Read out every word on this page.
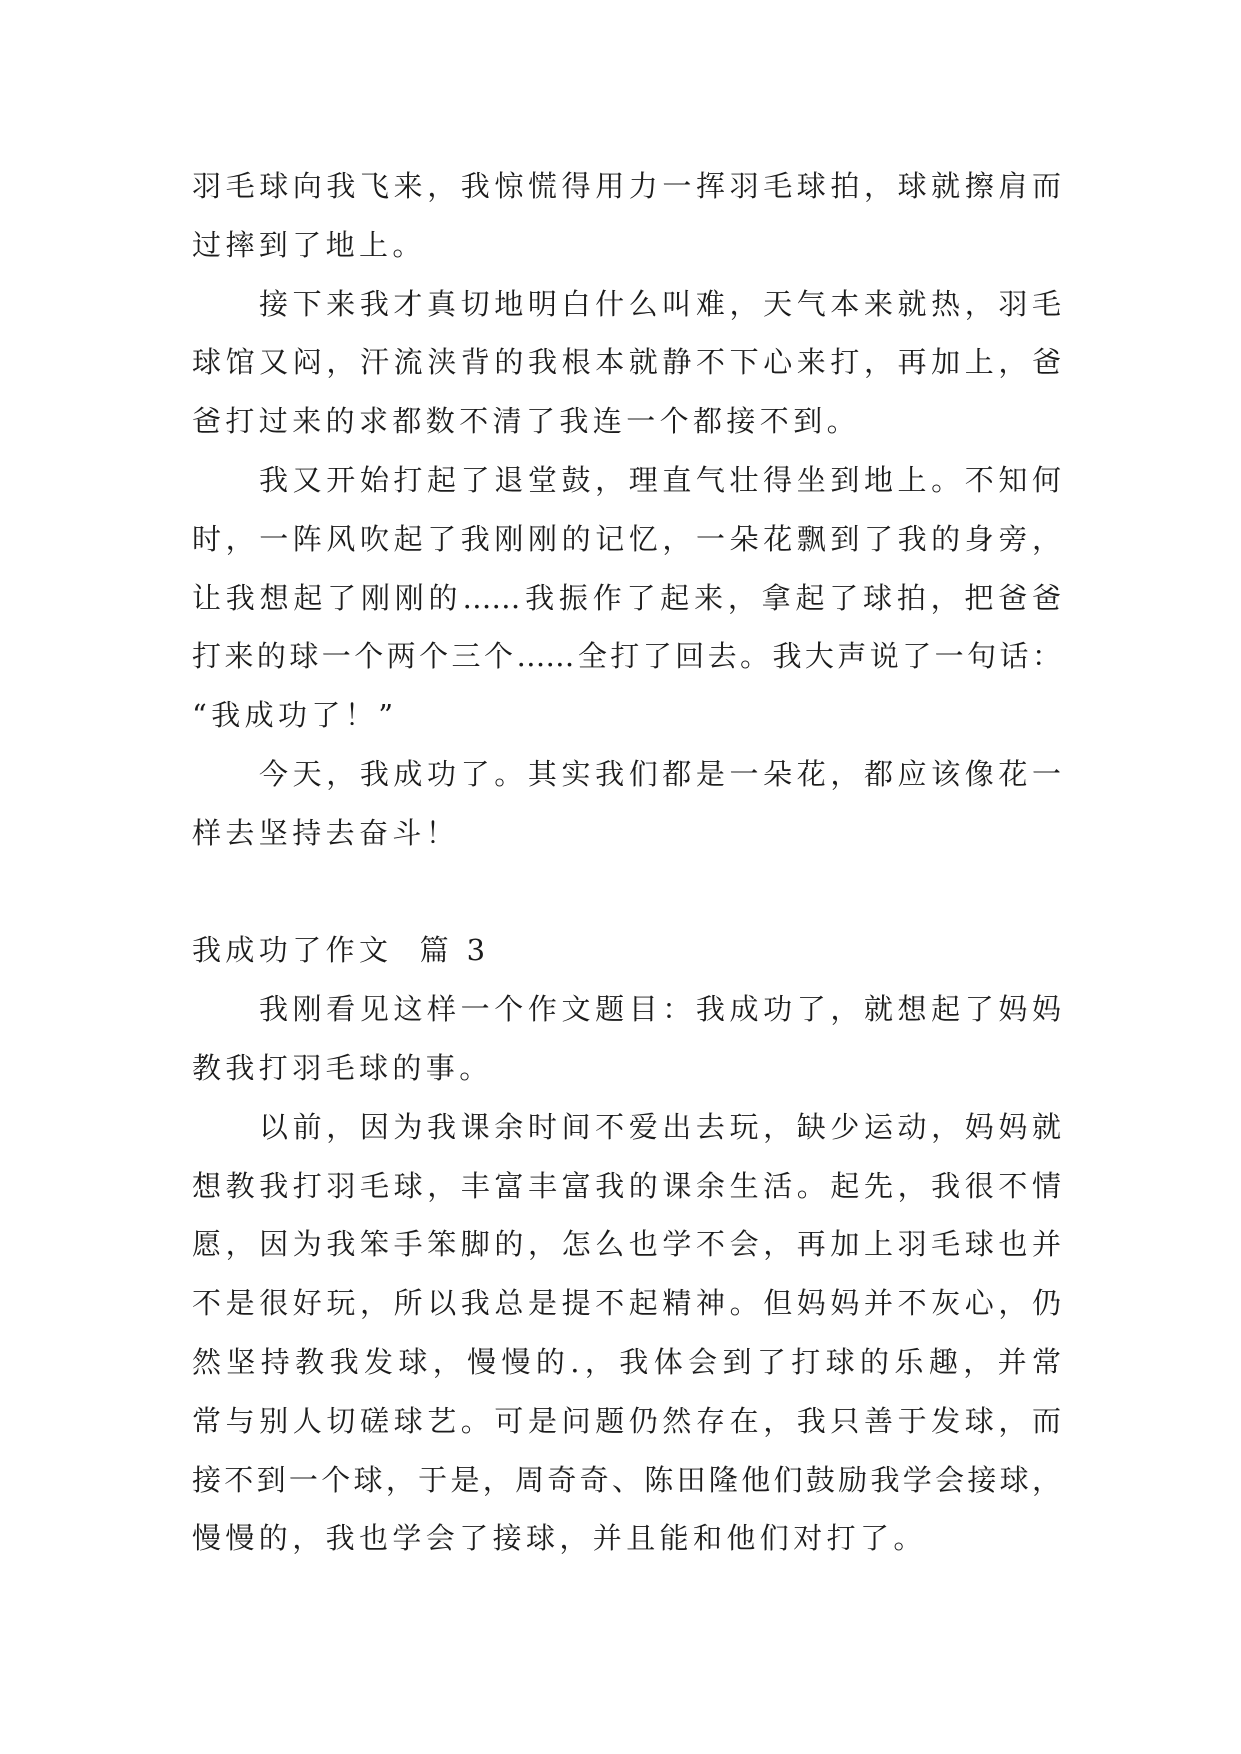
羽毛球向我飞来，我惊慌得用力一挥羽毛球拍，球就擦肩而
过摔到了地上。
接下来我才真切地明白什么叫难，天气本来就热，羽毛
球馆又闷，汗流浃背的我根本就静不下心来打，再加上，爸
爸打过来的求都数不清了我连一个都接不到。
我又开始打起了退堂鼓，理直气壮得坐到地上。不知何
时，一阵风吹起了我刚刚的记忆，一朵花飘到了我的身旁，
让我想起了刚刚的……我振作了起来，拿起了球拍，把爸爸
打来的球一个两个三个……全打了回去。我大声说了一句话：
“我成功了！”
今天，我成功了。其实我们都是一朵花，都应该像花一
样去坚持去奋斗！
我成功了作文  篇 3
我刚看见这样一个作文题目：我成功了，就想起了妈妈
教我打羽毛球的事。
以前，因为我课余时间不爱出去玩，缺少运动，妈妈就
想教我打羽毛球，丰富丰富我的课余生活。起先，我很不情
愿，因为我笨手笨脚的，怎么也学不会，再加上羽毛球也并
不是很好玩，所以我总是提不起精神。但妈妈并不灰心，仍
然坚持教我发球，慢慢的.，我体会到了打球的乐趣，并常
常与别人切磋球艺。可是问题仍然存在，我只善于发球，而
接不到一个球，于是，周奇奇、陈田隆他们鼓励我学会接球，
慢慢的，我也学会了接球，并且能和他们对打了。
